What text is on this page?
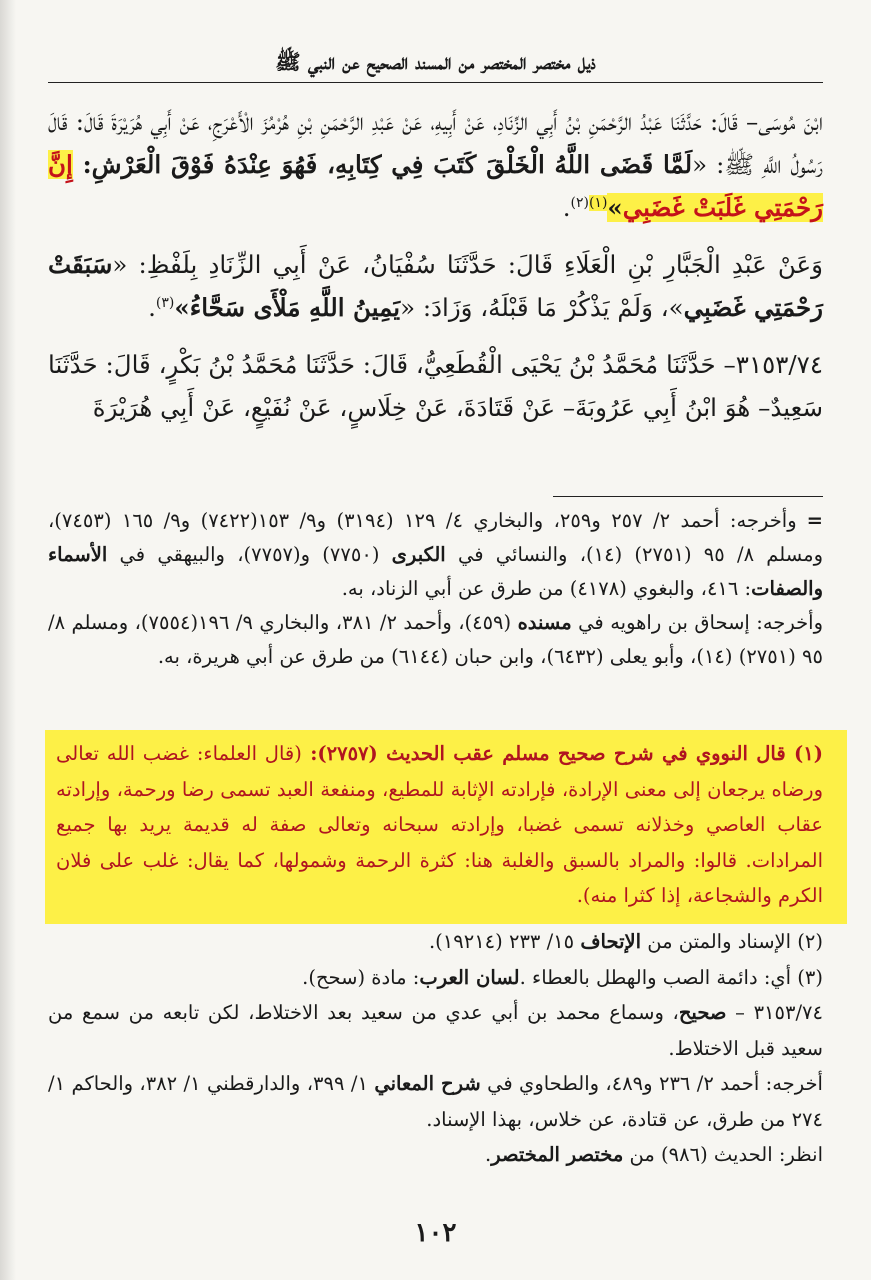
ذيل مختصر المختصر من المسند الصحيح عن النبي ﷺ

ابْنَ مُوسَى– قَالَ: حَدَّثَنَا عَبْدُ الرَّحْمَنِ بْنُ أَبِي الزِّنَادِ، عَنْ أَبِيهِ، عَنْ عَبْدِ الرَّحْمَنِ بْنِ هُرْمُزَ الْأَعْرَجِ، عَنْ أَبِي هُرَيْرَةَ قَالَ: قَالَ رَسُولُ اللَّهِ ﷺ: «لَمَّا قَضَى اللَّهُ الْخَلْقَ كَتَبَ فِي كِتَابِهِ، فَهُوَ عِنْدَهُ فَوْقَ الْعَرْشِ: إِنَّ رَحْمَتِي غَلَبَتْ غَضَبِي»$^{(١)(٢)}$.

وَعَنْ عَبْدِ الْجَبَّارِ بْنِ الْعَلَاءِ قَالَ: حَدَّثَنَا سُفْيَانُ، عَنْ أَبِي الزِّنَادِ بِلَفْظِ: «سَبَقَتْ رَحْمَتِي غَضَبِي»، وَلَمْ يَذْكُرْ مَا قَبْلَهُ، وَزَادَ: «يَمِينُ اللَّهِ مَلْأَى سَحَّاءُ»$^{(٣)}$.

٣١٥٣/٧٤– حَدَّثَنَا مُحَمَّدُ بْنُ يَحْيَى الْقُطَعِيُّ، قَالَ: حَدَّثَنَا مُحَمَّدُ بْنُ بَكْرٍ، قَالَ: حَدَّثَنَا سَعِيدٌ– هُوَ ابْنُ أَبِي عَرُوبَةَ– عَنْ قَتَادَةَ، عَنْ خِلَاسٍ، عَنْ نُفَيْعٍ، عَنْ أَبِي هُرَيْرَةَ

=وأخرجه: أحمد ٢/ ٢٥٧ و٢٥٩، والبخاري ٤/ ١٢٩ (٣١٩٤) و٩/ ١٥٣(٧٤٢٢) و٩/ ١٦٥ (٧٤٥٣)، ومسلم ٨/ ٩٥ (٢٧٥١) (١٤)، والنسائي في الكبرى (٧٧٥٠) و(٧٧٥٧)، والبيهقي في الأسماء والصفات: ٤١٦، والبغوي (٤١٧٨) من طرق عن أبي الزناد، به.

وأخرجه: إسحاق بن راهويه في مسنده (٤٥٩)، وأحمد ٢/ ٣٨١، والبخاري ٩/ ١٩٦(٧٥٥٤)، ومسلم ٨/ ٩٥ (٢٧٥١) (١٤)، وأبو يعلى (٦٤٣٢)، وابن حبان (٦١٤٤) من طرق عن أبي هريرة، به.

(١) قال النووي في شرح صحيح مسلم عقب الحديث (٢٧٥٧): (قال العلماء: غضب الله تعالى ورضاه يرجعان إلى معنى الإرادة، فإرادته الإثابة للمطيع، ومنفعة العبد تسمى رضا ورحمة، وإرادته عقاب العاصي وخذلانه تسمى غضبا، وإرادته سبحانه وتعالى صفة له قديمة يريد بها جميع المرادات. قالوا: والمراد بالسبق والغلبة هنا: كثرة الرحمة وشمولها، كما يقال: غلب على فلان الكرم والشجاعة، إذا كثرا منه).

(٢) الإسناد والمتن من الإتحاف ١٥/ ٢٣٣ (١٩٢١٤).

(٣) أي: دائمة الصب والهطل بالعطاء .لسان العرب: مادة (سحح).

٣١٥٣/٧٤ – صحيح، وسماع محمد بن أبي عدي من سعيد بعد الاختلاط، لكن تابعه من سمع من سعيد قبل الاختلاط.

أخرجه: أحمد ٢/ ٢٣٦ و٤٨٩، والطحاوي في شرح المعاني ١/ ٣٩٩، والدارقطني ١/ ٣٨٢، والحاكم ١/ ٢٧٤ من طرق، عن قتادة، عن خلاس، بهذا الإسناد.

انظر: الحديث (٩٨٦) من مختصر المختصر.

١٠٢
